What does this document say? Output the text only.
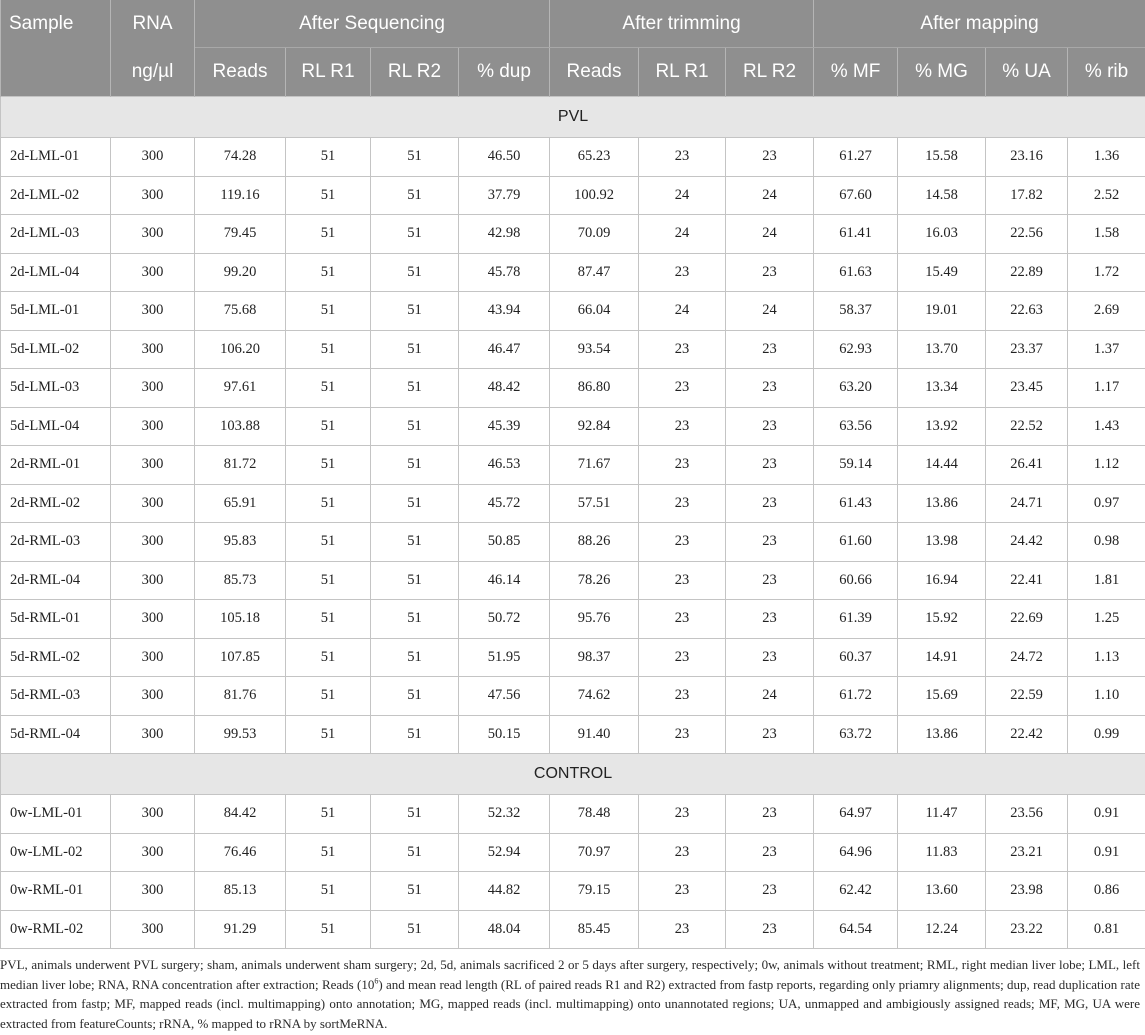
Sample	RNA	After Sequencing				After trimming			After mapping			
	ng/µl	Reads	RL R1	RL R2	% dup	Reads	RL R1	RL R2	% MF	% MG	% UA	% rib
PVL												
2d-LML-01	300	74.28	51	51	46.50	65.23	23	23	61.27	15.58	23.16	1.36
2d-LML-02	300	119.16	51	51	37.79	100.92	24	24	67.60	14.58	17.82	2.52
2d-LML-03	300	79.45	51	51	42.98	70.09	24	24	61.41	16.03	22.56	1.58
2d-LML-04	300	99.20	51	51	45.78	87.47	23	23	61.63	15.49	22.89	1.72
5d-LML-01	300	75.68	51	51	43.94	66.04	24	24	58.37	19.01	22.63	2.69
5d-LML-02	300	106.20	51	51	46.47	93.54	23	23	62.93	13.70	23.37	1.37
5d-LML-03	300	97.61	51	51	48.42	86.80	23	23	63.20	13.34	23.45	1.17
5d-LML-04	300	103.88	51	51	45.39	92.84	23	23	63.56	13.92	22.52	1.43
2d-RML-01	300	81.72	51	51	46.53	71.67	23	23	59.14	14.44	26.41	1.12
2d-RML-02	300	65.91	51	51	45.72	57.51	23	23	61.43	13.86	24.71	0.97
2d-RML-03	300	95.83	51	51	50.85	88.26	23	23	61.60	13.98	24.42	0.98
2d-RML-04	300	85.73	51	51	46.14	78.26	23	23	60.66	16.94	22.41	1.81
5d-RML-01	300	105.18	51	51	50.72	95.76	23	23	61.39	15.92	22.69	1.25
5d-RML-02	300	107.85	51	51	51.95	98.37	23	23	60.37	14.91	24.72	1.13
5d-RML-03	300	81.76	51	51	47.56	74.62	23	24	61.72	15.69	22.59	1.10
5d-RML-04	300	99.53	51	51	50.15	91.40	23	23	63.72	13.86	22.42	0.99
CONTROL												
0w-LML-01	300	84.42	51	51	52.32	78.48	23	23	64.97	11.47	23.56	0.91
0w-LML-02	300	76.46	51	51	52.94	70.97	23	23	64.96	11.83	23.21	0.91
0w-RML-01	300	85.13	51	51	44.82	79.15	23	23	62.42	13.60	23.98	0.86
0w-RML-02	300	91.29	51	51	48.04	85.45	23	23	64.54	12.24	23.22	0.81
PVL, animals underwent PVL surgery; sham, animals underwent sham surgery; 2d, 5d, animals sacrificed 2 or 5 days after surgery, respectively; 0w, animals without treatment; RML, right median liver lobe; LML, left median liver lobe; RNA, RNA concentration after extraction; Reads $(10^6)$ and mean read length (RL of paired reads R1 and R2) extracted from fastp reports, regarding only priamry alignments; dup, read duplication rate extracted from fastp; MF, mapped reads (incl. multimapping) onto annotation; MG, mapped reads (incl. multimapping) onto unannotated regions; UA, unmapped and ambigiously assigned reads; MF, MG, UA were extracted from featureCounts; rRNA, % mapped to rRNA by sortMeRNA.
